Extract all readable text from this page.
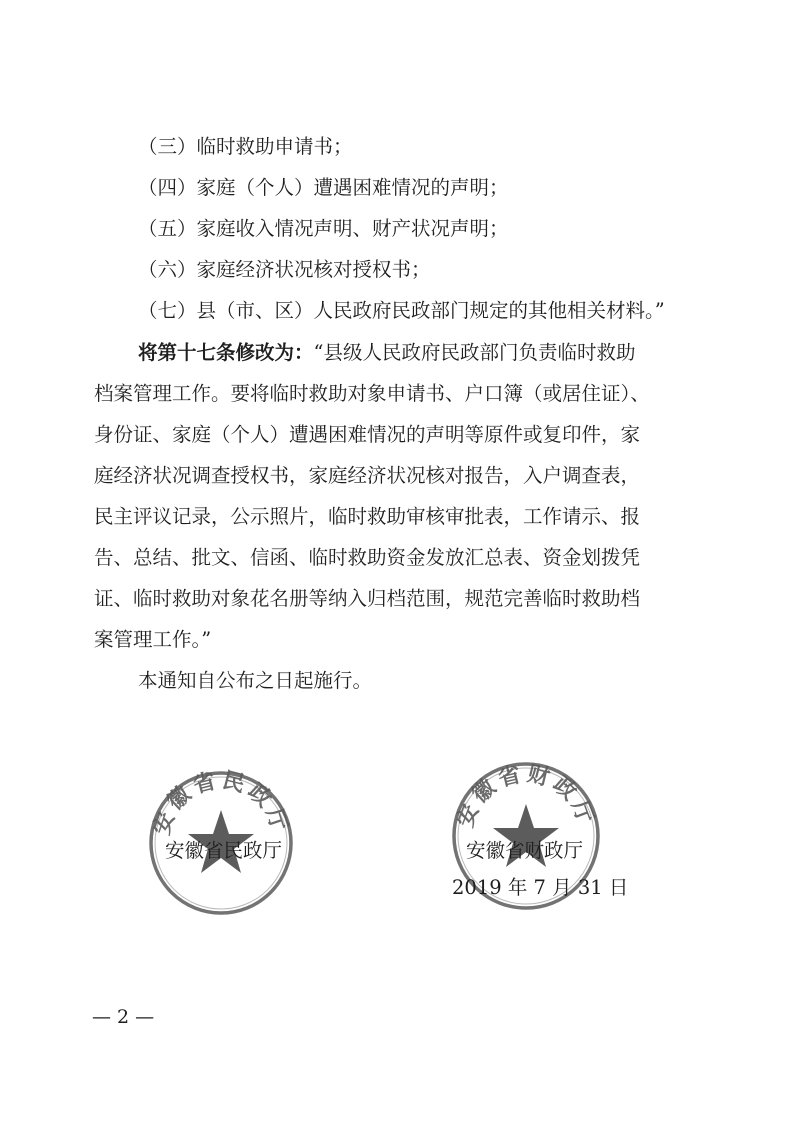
（三）临时救助申请书；

（四）家庭（个人）遭遇困难情况的声明；

（五）家庭收入情况声明、财产状况声明；

（六）家庭经济状况核对授权书；

（七）县（市、区）人民政府民政部门规定的其他相关材料。”

将第十七条修改为：“县级人民政府民政部门负责临时救助
档案管理工作。要将临时救助对象申请书、户口簿（或居住证）、
身份证、家庭（个人）遭遇困难情况的声明等原件或复印件，家
庭经济状况调查授权书，家庭经济状况核对报告，入户调查表，
民主评议记录，公示照片，临时救助审核审批表，工作请示、报
告、总结、批文、信函、临时救助资金发放汇总表、资金划拨凭
证、临时救助对象花名册等纳入归档范围，规范完善临时救助档
案管理工作。”

本通知自公布之日起施行。

安徽省民政厅
安徽省民政厅
安徽省财政厅
安徽省财政厅
2019 年 7 月 31 日
— 2 —
